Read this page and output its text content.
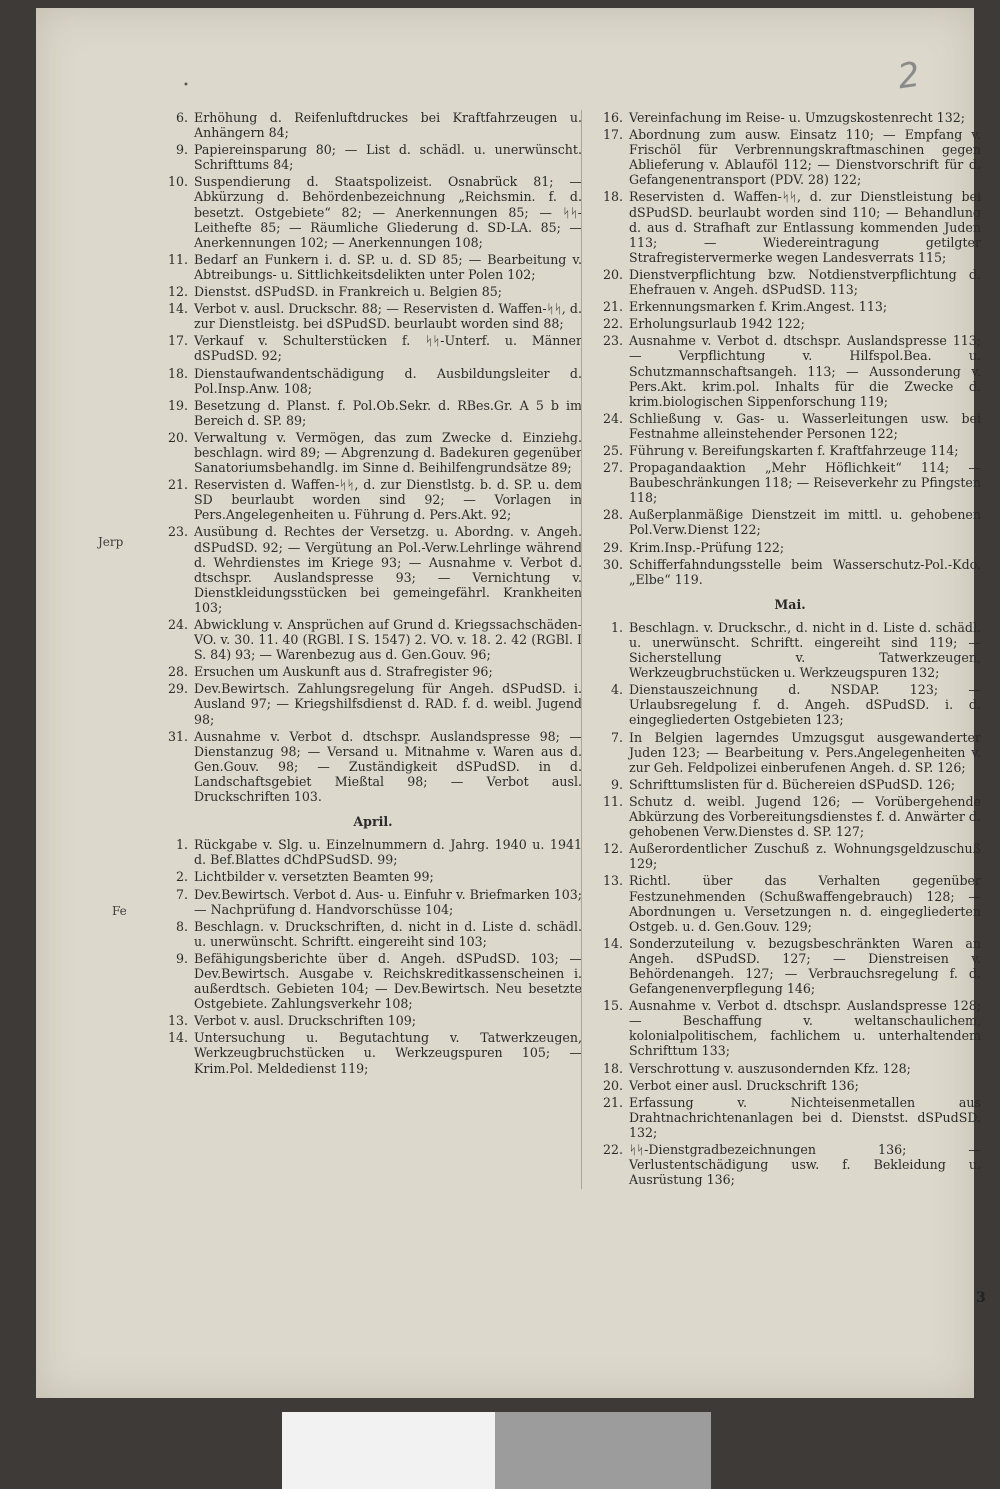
2
•
Jerp
Fe
6. Erhöhung d. Reifenluftdruckes bei Kraftfahrzeugen u. Anhängern 84;
9. Papiereinsparung 80; — List d. schädl. u. unerwünscht. Schrifttums 84;
10. Suspendierung d. Staatspolizeist. Osnabrück 81; — Abkürzung d. Behördenbezeichnung „Reichsmin. f. d. besetzt. Ostgebiete“ 82; — Anerkennungen 85; — ᛋᛋ-Leithefte 85; — Räumliche Gliederung d. SD-LA. 85; — Anerkennungen 102; — Anerkennungen 108;
11. Bedarf an Funkern i. d. SP. u. d. SD 85; — Bearbeitung v. Abtreibungs- u. Sittlichkeitsdelikten unter Polen 102;
12. Dienstst. dSPudSD. in Frankreich u. Belgien 85;
14. Verbot v. ausl. Druckschr. 88; — Reservisten d. Waffen-ᛋᛋ, d. zur Dienstleistg. bei dSPudSD. beurlaubt worden sind 88;
17. Verkauf v. Schulterstücken f. ᛋᛋ-Unterf. u. Männer dSPudSD. 92;
18. Dienstaufwandentschädigung d. Ausbildungsleiter d. Pol.Insp.Anw. 108;
19. Besetzung d. Planst. f. Pol.Ob.Sekr. d. RBes.Gr. A 5 b im Bereich d. SP. 89;
20. Verwaltung v. Vermögen, das zum Zwecke d. Einziehg. beschlagn. wird 89; — Abgrenzung d. Badekuren gegenüber Sanatoriumsbehandlg. im Sinne d. Beihilfengrundsätze 89;
21. Reservisten d. Waffen-ᛋᛋ, d. zur Dienstlstg. b. d. SP. u. dem SD beurlaubt worden sind 92; — Vorlagen in Pers.Angelegenheiten u. Führung d. Pers.Akt. 92;
23. Ausübung d. Rechtes der Versetzg. u. Abordng. v. Angeh. dSPudSD. 92; — Vergütung an Pol.-Verw.Lehrlinge während d. Wehrdienstes im Kriege 93; — Ausnahme v. Verbot d. dtschspr. Auslandspresse 93; — Vernichtung v. Dienstkleidungsstücken bei gemeingefährl. Krankheiten 103;
24. Abwicklung v. Ansprüchen auf Grund d. Kriegssachschäden-VO. v. 30. 11. 40 (RGBl. I S. 1547) 2. VO. v. 18. 2. 42 (RGBl. I S. 84) 93; — Warenbezug aus d. Gen.Gouv. 96;
28. Ersuchen um Auskunft aus d. Strafregister 96;
29. Dev.Bewirtsch. Zahlungsregelung für Angeh. dSPudSD. i. Ausland 97; — Kriegshilfsdienst d. RAD. f. d. weibl. Jugend 98;
31. Ausnahme v. Verbot d. dtschspr. Auslandspresse 98; — Dienstanzug 98; — Versand u. Mitnahme v. Waren aus d. Gen.Gouv. 98; — Zuständigkeit dSPudSD. in d. Landschaftsgebiet Mießtal 98; — Verbot ausl. Druckschriften 103.
April.
1. Rückgabe v. Slg. u. Einzelnummern d. Jahrg. 1940 u. 1941 d. Bef.Blattes dChdPSudSD. 99;
2. Lichtbilder v. versetzten Beamten 99;
7. Dev.Bewirtsch. Verbot d. Aus- u. Einfuhr v. Briefmarken 103; — Nachprüfung d. Handvorschüsse 104;
8. Beschlagn. v. Druckschriften, d. nicht in d. Liste d. schädl. u. unerwünscht. Schriftt. eingereiht sind 103;
9. Befähigungsberichte über d. Angeh. dSPudSD. 103; — Dev.Bewirtsch. Ausgabe v. Reichskreditkassenscheinen i. außerdtsch. Gebieten 104; — Dev.Bewirtsch. Neu besetzte Ostgebiete. Zahlungsverkehr 108;
13. Verbot v. ausl. Druckschriften 109;
14. Untersuchung u. Begutachtung v. Tatwerkzeugen, Werkzeugbruchstücken u. Werkzeugspuren 105; — Krim.Pol. Meldedienst 119;
16. Vereinfachung im Reise- u. Umzugskostenrecht 132;
17. Abordnung zum ausw. Einsatz 110; — Empfang v. Frischöl für Verbrennungskraftmaschinen gegen Ablieferung v. Ablauföl 112; — Dienstvorschrift für d. Gefangenentransport (PDV. 28) 122;
18. Reservisten d. Waffen-ᛋᛋ, d. zur Dienstleistung bei dSPudSD. beurlaubt worden sind 110; — Behandlung d. aus d. Strafhaft zur Entlassung kommenden Juden 113; — Wiedereintragung getilgter Strafregistervermerke wegen Landesverrats 115;
20. Dienstverpflichtung bzw. Notdienstverpflichtung d. Ehefrauen v. Angeh. dSPudSD. 113;
21. Erkennungsmarken f. Krim.Angest. 113;
22. Erholungsurlaub 1942 122;
23. Ausnahme v. Verbot d. dtschspr. Auslandspresse 113; — Verpflichtung v. Hilfspol.Bea. u. Schutzmannschaftsangeh. 113; — Aussonderung v. Pers.Akt. krim.pol. Inhalts für die Zwecke d. krim.biologischen Sippenforschung 119;
24. Schließung v. Gas- u. Wasserleitungen usw. bei Festnahme alleinstehender Personen 122;
25. Führung v. Bereifungskarten f. Kraftfahrzeuge 114;
27. Propagandaaktion „Mehr Höflichkeit“ 114; — Baubeschränkungen 118; — Reiseverkehr zu Pfingsten 118;
28. Außerplanmäßige Dienstzeit im mittl. u. gehobenen Pol.Verw.Dienst 122;
29. Krim.Insp.-Prüfung 122;
30. Schifferfahndungsstelle beim Wasserschutz-Pol.-Kdo. „Elbe“ 119.
Mai.
1. Beschlagn. v. Druckschr., d. nicht in d. Liste d. schädl. u. unerwünscht. Schriftt. eingereiht sind 119; — Sicherstellung v. Tatwerkzeugen, Werkzeugbruchstücken u. Werkzeugspuren 132;
4. Dienstauszeichnung d. NSDAP. 123; — Urlaubsregelung f. d. Angeh. dSPudSD. i. d. eingegliederten Ostgebieten 123;
7. In Belgien lagerndes Umzugsgut ausgewanderter Juden 123; — Bearbeitung v. Pers.Angelegenheiten v. zur Geh. Feldpolizei einberufenen Angeh. d. SP. 126;
9. Schrifttumslisten für d. Büchereien dSPudSD. 126;
11. Schutz d. weibl. Jugend 126; — Vorübergehende Abkürzung des Vorbereitungsdienstes f. d. Anwärter d. gehobenen Verw.Dienstes d. SP. 127;
12. Außerordentlicher Zuschuß z. Wohnungsgeldzuschuß 129;
13. Richtl. über das Verhalten gegenüber Festzunehmenden (Schußwaffengebrauch) 128; — Abordnungen u. Versetzungen n. d. eingegliederten Ostgeb. u. d. Gen.Gouv. 129;
14. Sonderzuteilung v. bezugsbeschränkten Waren an Angeh. dSPudSD. 127; — Dienstreisen v. Behördenangeh. 127; — Verbrauchsregelung f. d. Gefangenenverpflegung 146;
15. Ausnahme v. Verbot d. dtschspr. Auslandspresse 128; — Beschaffung v. weltanschaulichem, kolonialpolitischem, fachlichem u. unterhaltendem Schrifttum 133;
18. Verschrottung v. auszusondernden Kfz. 128;
20. Verbot einer ausl. Druckschrift 136;
21. Erfassung v. Nichteisenmetallen aus Drahtnachrichtenanlagen bei d. Dienstst. dSPudSD. 132;
22. ᛋᛋ-Dienstgradbezeichnungen 136; — Verlustentschädigung usw. f. Bekleidung u. Ausrüstung 136;
3
